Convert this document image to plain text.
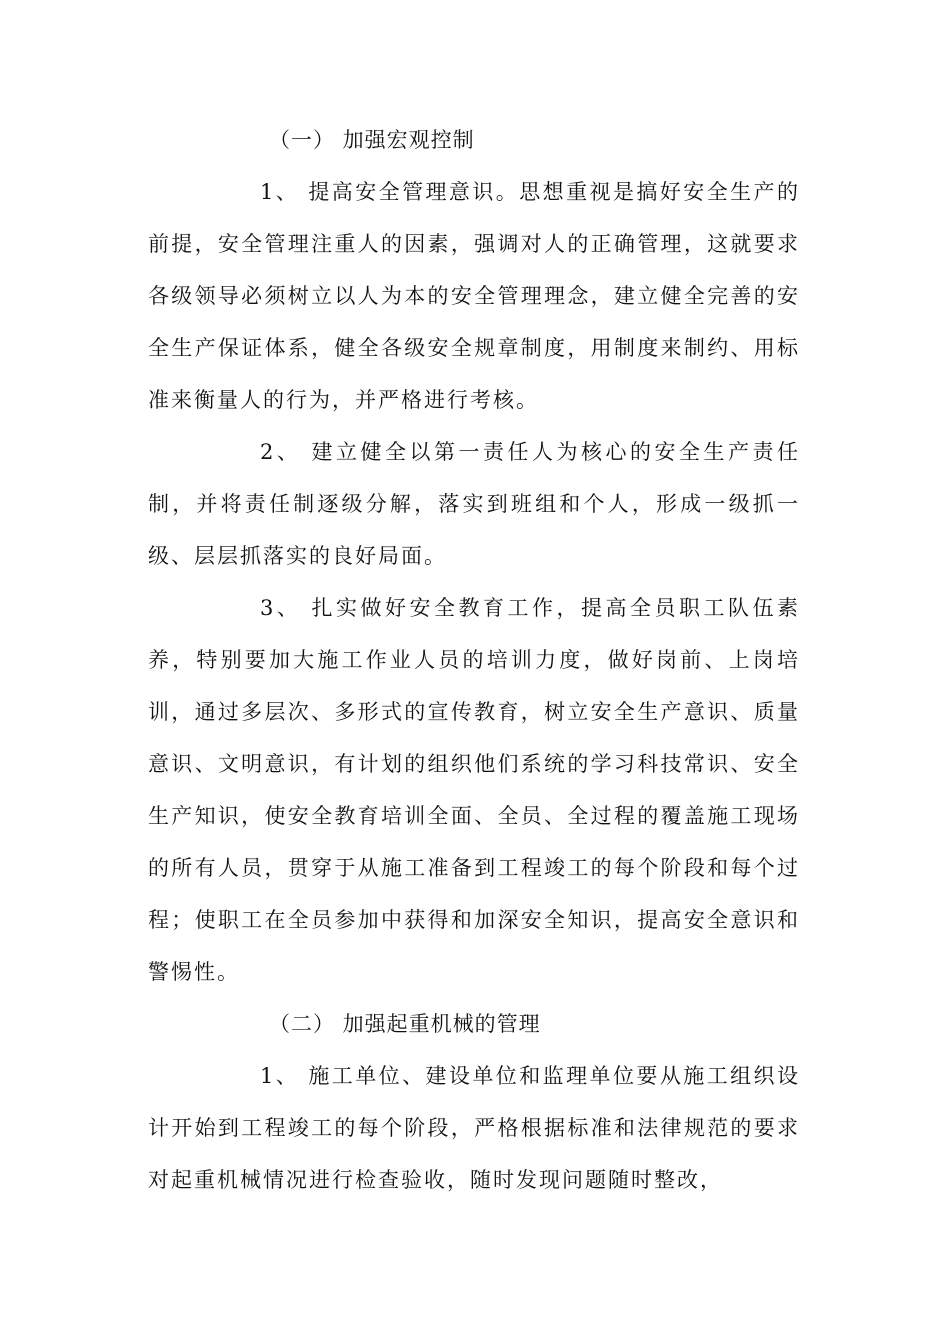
（一） 加强宏观控制

1、 提高安全管理意识。思想重视是搞好安全生产的前提，安全管理注重人的因素，强调对人的正确管理，这就要求各级领导必须树立以人为本的安全管理理念，建立健全完善的安全生产保证体系，健全各级安全规章制度，用制度来制约、用标准来衡量人的行为，并严格进行考核。

2、 建立健全以第一责任人为核心的安全生产责任制，并将责任制逐级分解，落实到班组和个人，形成一级抓一级、层层抓落实的良好局面。

3、 扎实做好安全教育工作，提高全员职工队伍素养，特别要加大施工作业人员的培训力度，做好岗前、上岗培训，通过多层次、多形式的宣传教育，树立安全生产意识、质量意识、文明意识，有计划的组织他们系统的学习科技常识、安全生产知识，使安全教育培训全面、全员、全过程的覆盖施工现场的所有人员，贯穿于从施工准备到工程竣工的每个阶段和每个过程；使职工在全员参加中获得和加深安全知识，提高安全意识和警惕性。

（二） 加强起重机械的管理

1、 施工单位、建设单位和监理单位要从施工组织设计开始到工程竣工的每个阶段，严格根据标准和法律规范的要求对起重机械情况进行检查验收，随时发现问题随时整改，
